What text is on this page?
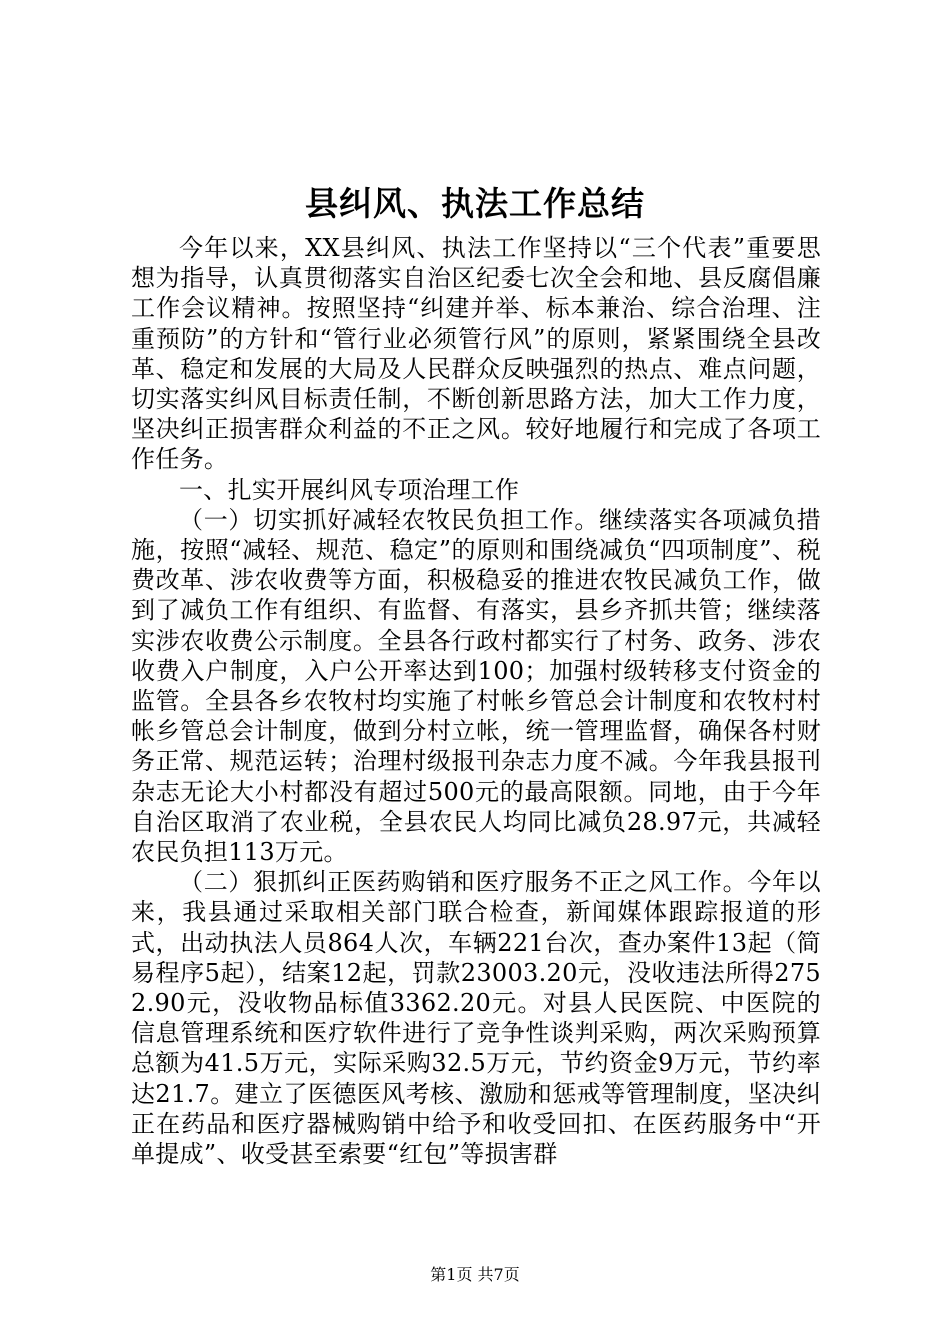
县纠风、执法工作总结

今年以来，XX县纠风、执法工作坚持以“三个代表”重要思想为指导，认真贯彻落实自治区纪委七次全会和地、县反腐倡廉工作会议精神。按照坚持“纠建并举、标本兼治、综合治理、注重预防”的方针和“管行业必须管行风”的原则，紧紧围绕全县改革、稳定和发展的大局及人民群众反映强烈的热点、难点问题，切实落实纠风目标责任制，不断创新思路方法，加大工作力度，坚决纠正损害群众利益的不正之风。较好地履行和完成了各项工作任务。

一、扎实开展纠风专项治理工作

（一）切实抓好减轻农牧民负担工作。继续落实各项减负措施，按照“减轻、规范、稳定”的原则和围绕减负“四项制度”、税费改革、涉农收费等方面，积极稳妥的推进农牧民减负工作，做到了减负工作有组织、有监督、有落实，县乡齐抓共管；继续落实涉农收费公示制度。全县各行政村都实行了村务、政务、涉农收费入户制度，入户公开率达到100；加强村级转移支付资金的监管。全县各乡农牧村均实施了村帐乡管总会计制度和农牧村村帐乡管总会计制度，做到分村立帐，统一管理监督，确保各村财务正常、规范运转；治理村级报刊杂志力度不减。今年我县报刊杂志无论大小村都没有超过500元的最高限额。同地，由于今年自治区取消了农业税，全县农民人均同比减负28.97元，共减轻农民负担113万元。

（二）狠抓纠正医药购销和医疗服务不正之风工作。今年以来，我县通过采取相关部门联合检查，新闻媒体跟踪报道的形式，出动执法人员864人次，车辆221台次，查办案件13起（简易程序5起），结案12起，罚款23003.20元，没收违法所得2752.90元，没收物品标值3362.20元。对县人民医院、中医院的信息管理系统和医疗软件进行了竞争性谈判采购，两次采购预算总额为41.5万元，实际采购32.5万元，节约资金9万元，节约率达21.7。建立了医德医风考核、激励和惩戒等管理制度，坚决纠正在药品和医疗器械购销中给予和收受回扣、在医药服务中“开单提成”、收受甚至索要“红包”等损害群

第1页 共7页
